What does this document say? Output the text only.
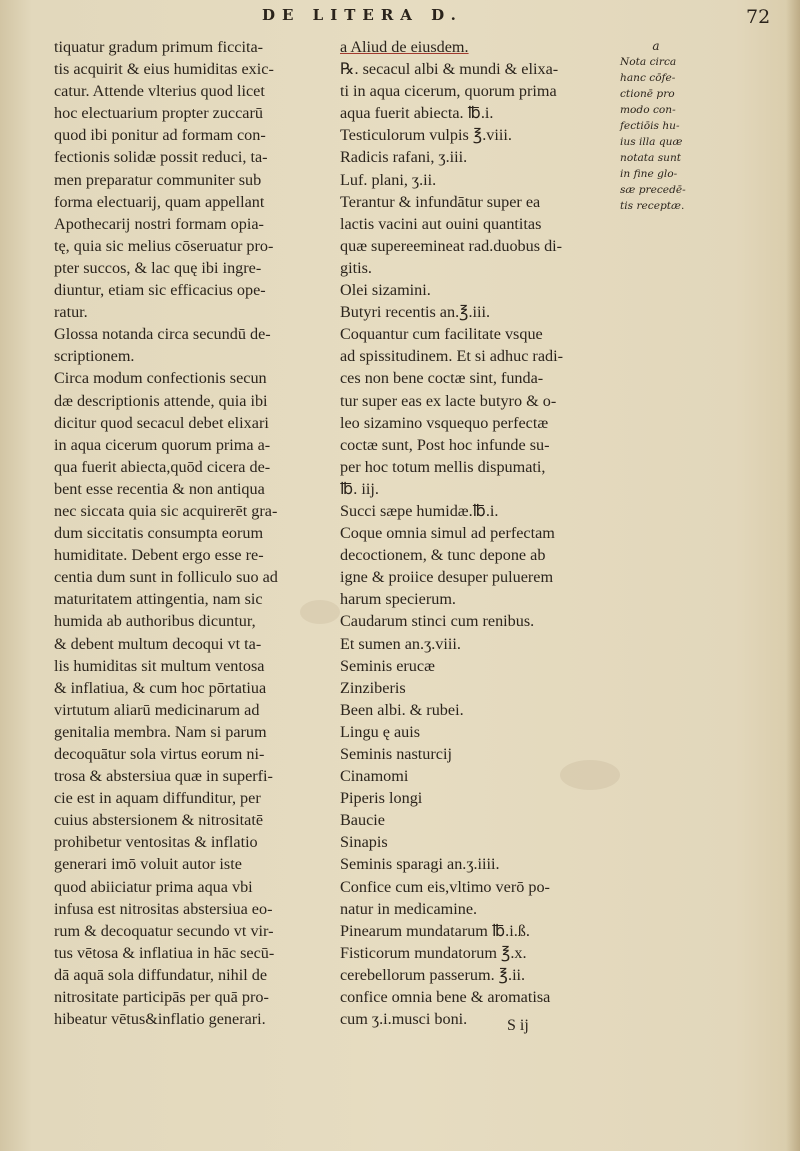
DE LITERA D.	72
tiquatur gradum primum ficcita-
tis acquirit & eius humiditas exic-
catur. Attende vlterius quod licet
hoc electuarium propter zuccarū
quod ibi ponitur ad formam con-
fectionis solidæ possit reduci, ta-
men preparatur communiter sub
forma electuarij, quam appellant
Apothecarij nostri formam opia-
tę, quia sic melius cōseruatur pro-
pter succos, & lac quę ibi ingre-
diuntur, etiam sic efficacius ope-
ratur.
Glossa notanda circa secundū de-
scriptionem.
Circa modum confectionis secun
dæ descriptionis attende, quia ibi
dicitur quod secacul debet elixari
in aqua cicerum quorum prima a-
qua fuerit abiecta,quōd cicera de-
bent esse recentia & non antiqua
nec siccata quia sic acquirerēt gra-
dum siccitatis consumpta eorum
humiditate. Debent ergo esse re-
centia dum sunt in folliculo suo ad
maturitatem attingentia, nam sic
humida ab authoribus dicuntur,
& debent multum decoqui vt ta-
lis humiditas sit multum ventosa
& inflatiua, & cum hoc pōrtatiua
virtutum aliarū medicinarum ad
genitalia membra. Nam si parum
decoquātur sola virtus eorum ni-
trosa & abstersiua quæ in superfi-
cie est in aquam diffunditur, per
cuius abstersionem & nitrositatē
prohibetur ventositas & inflatio
generari imō voluit autor iste
quod abiiciatur prima aqua vbi
infusa est nitrositas abstersiua eo-
rum & decoquatur secundo vt vir-
tus vētosa & inflatiua in hāc secū-
dā aquā sola diffundatur, nihil de
nitrositate participās per quā pro-
hibeatur vētus&inflatio generari.
a Aliud de eiusdem.
℞. secacul albi & mundi & elixa-
ti in aqua cicerum, quorum prima
aqua fuerit abiecta. ℔.i.
Testiculorum vulpis ℥.viii.
Radicis rafani, ʒ.iii.
Luf. plani, ʒ.ii.
Terantur & infundātur super ea
lactis vacini aut ouini quantitas
quæ supereemineat rad.duobus di-
gitis.
Olei sizamini.
Butyri recentis an.℥.iii.
Coquantur cum facilitate vsque
ad spissitudinem. Et si adhuc radi-
ces non bene coctæ sint, funda-
tur super eas ex lacte butyro & o-
leo sizamino vsquequo perfectæ
coctæ sunt, Post hoc infunde su-
per hoc totum mellis dispumati,
℔. iij.
Succi sæpe humidæ.℔.i.
Coque omnia simul ad perfectam
decoctionem, & tunc depone ab
igne & proiice desuper puluerem
harum specierum.
Caudarum stinci cum renibus.
Et sumen an.ʒ.viii.
Seminis erucæ
Zinziberis
Been albi. & rubei.
Lingu ę auis
Seminis nasturcij
Cinamomi
Piperis longi
Baucie
Sinapis
Seminis sparagi an.ʒ.iiii.
Confice cum eis,vltimo verō po-
natur in medicamine.
Pinearum mundatarum ℔.i.ß.
Fisticorum mundatorum ℥.x.
cerebellorum passerum. ℥.ii.
confice omnia bene & aromatisa
cum ʒ.i.musci boni.
a
Nota circa
hanc cōfe-
ctionē pro
modo con-
fectiōis hu-
ius illa quæ
notata sunt
in fine glo-
sæ precedē-
tis receptæ.
S ij
